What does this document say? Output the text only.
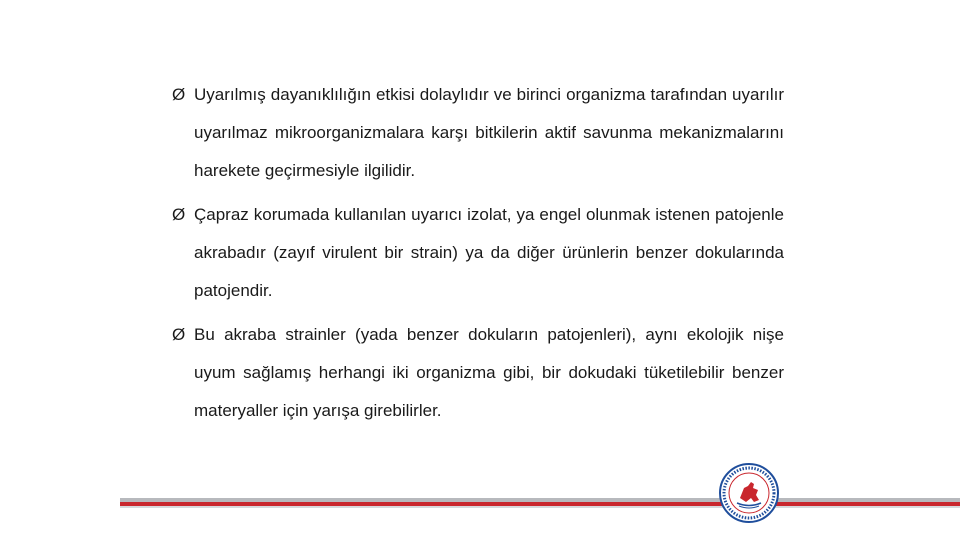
Ø Uyarılmış dayanıklılığın etkisi dolaylıdır ve birinci organizma tarafından uyarılır uyarılmaz mikroorganizmalara karşı bitkilerin aktif savunma mekanizmalarını harekete geçirmesiyle ilgilidir.
Ø Çapraz korumada kullanılan uyarıcı izolat, ya engel olunmak istenen patojenle akrabadır (zayıf virulent bir strain) ya da diğer ürünlerin benzer dokularında patojendir.
Ø Bu akraba strainler (yada benzer dokuların patojenleri), aynı ekolojik nişe uyum sağlamış herhangi iki organizma gibi, bir dokudaki tüketilebilir benzer materyaller için yarışa girebilirler.
